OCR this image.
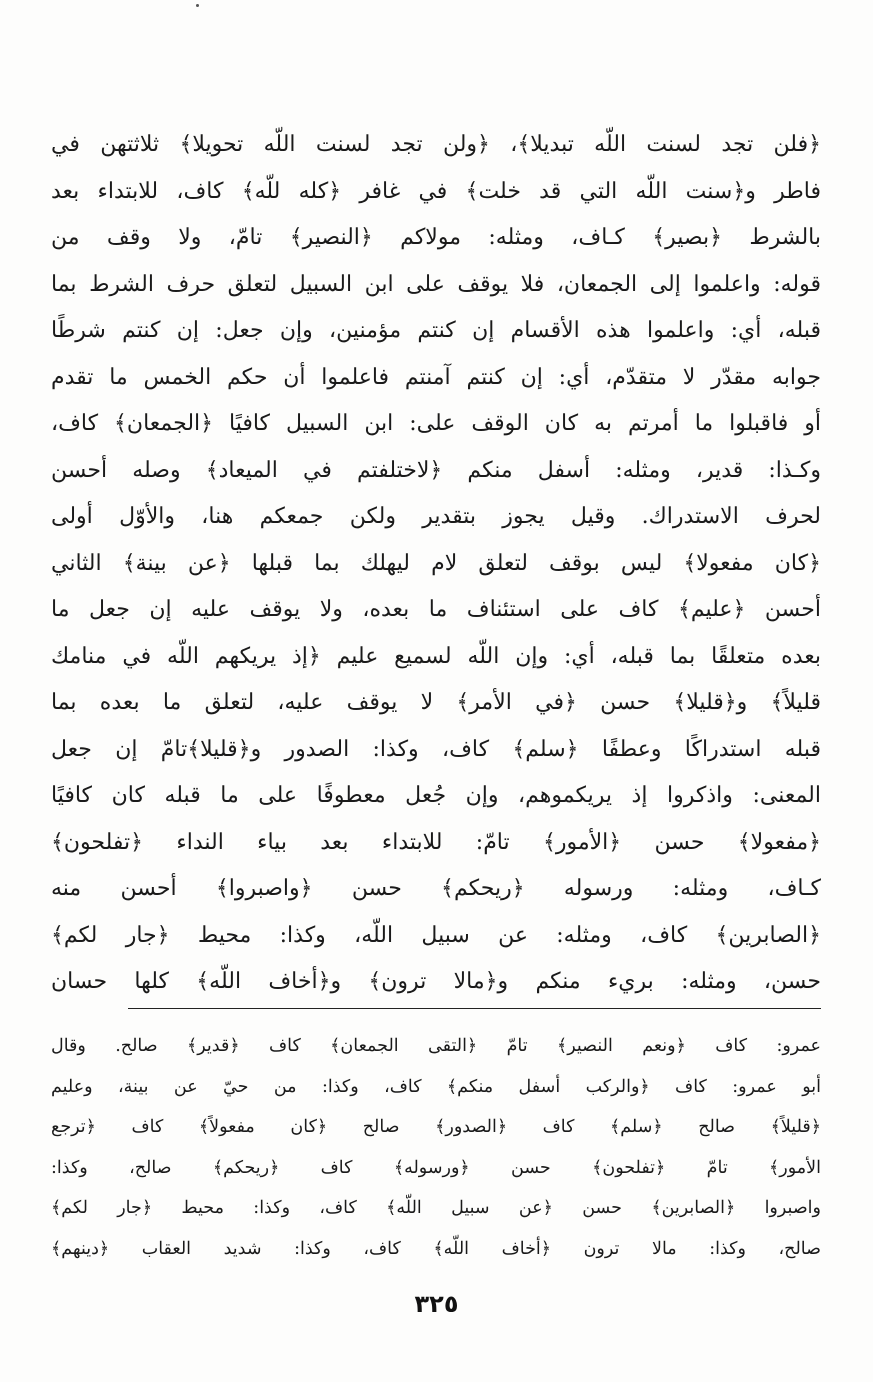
﴿فلن تجد لسنت اللّه تبديلا﴾، ﴿ولن تجد لسنت اللّه تحويلا﴾ ثلاثتهن في
فاطر و﴿سنت اللّه التي قد خلت﴾ في غافر ﴿كله للّه﴾ كاف، للابتداء بعد
بالشرط ﴿بصير﴾ كـاف، ومثله: مولاكم ﴿النصير﴾ تامّ، ولا وقف من
قوله: واعلموا إلى الجمعان، فلا يوقف على ابن السبيل لتعلق حرف الشرط بما
قبله، أي: واعلموا هذه الأقسام إن كنتم مؤمنين، وإن جعل: إن كنتم شرطًا
جوابه مقدّر لا متقدّم، أي: إن كنتم آمنتم فاعلموا أن حكم الخمس ما تقدم
أو فاقبلوا ما أمرتم به كان الوقف على: ابن السبيل كافيًا ﴿الجمعان﴾ كاف،
وكـذا: قدير، ومثله: أسفل منكم ﴿لاختلفتم في الميعاد﴾ وصله أحسن
لحرف الاستدراك. وقيل يجوز بتقدير ولكن جمعكم هنا، والأوّل أولى
﴿كان مفعولا﴾ ليس بوقف لتعلق لام ليهلك بما قبلها ﴿عن بينة﴾ الثاني
أحسن ﴿عليم﴾ كاف على استئناف ما بعده، ولا يوقف عليه إن جعل ما
بعده متعلقًا بما قبله، أي: وإن اللّه لسميع عليم ﴿إذ يريكهم اللّه في منامك
قليلاً﴾ و﴿قليلا﴾ حسن ﴿في الأمر﴾ لا يوقف عليه، لتعلق ما بعده بما
قبله استدراكًا وعطفًا ﴿سلم﴾ كاف، وكذا: الصدور و﴿قليلا﴾تامّ إن جعل
المعنى: واذكروا إذ يريكموهم، وإن جُعل معطوفًا على ما قبله كان كافيًا
﴿مفعولا﴾ حسن ﴿الأمور﴾ تامّ: للابتداء بعد بياء النداء ﴿تفلحون﴾
كـاف، ومثله: ورسوله ﴿ريحكم﴾ حسن ﴿واصبروا﴾ أحسن منه
﴿الصابرين﴾ كاف، ومثله: عن سبيل اللّه، وكذا: محيط ﴿جار لكم﴾
حسن، ومثله: بريء منكم و﴿مالا ترون﴾ و﴿أخاف اللّه﴾ كلها حسان
عمرو: كاف ﴿ونعم النصير﴾ تامّ ﴿التقى الجمعان﴾ كاف ﴿قدير﴾ صالح. وقال
أبو عمرو: كاف ﴿والركب أسفل منكم﴾ كاف، وكذا: من حيّ عن بينة، وعليم
﴿قليلاً﴾ صالح ﴿سلم﴾ كاف ﴿الصدور﴾ صالح ﴿كان مفعولاً﴾ كاف ﴿ترجع
الأمور﴾ تامّ ﴿تفلحون﴾ حسن ﴿ورسوله﴾ كاف ﴿ريحكم﴾ صالح، وكذا:
واصبروا ﴿الصابرين﴾ حسن ﴿عن سبيل اللّه﴾ كاف، وكذا: محيط ﴿جار لكم﴾
صالح، وكذا: مالا ترون ﴿أخاف اللّه﴾ كاف، وكذا: شديد العقاب ﴿دينهم﴾
٣٢٥
